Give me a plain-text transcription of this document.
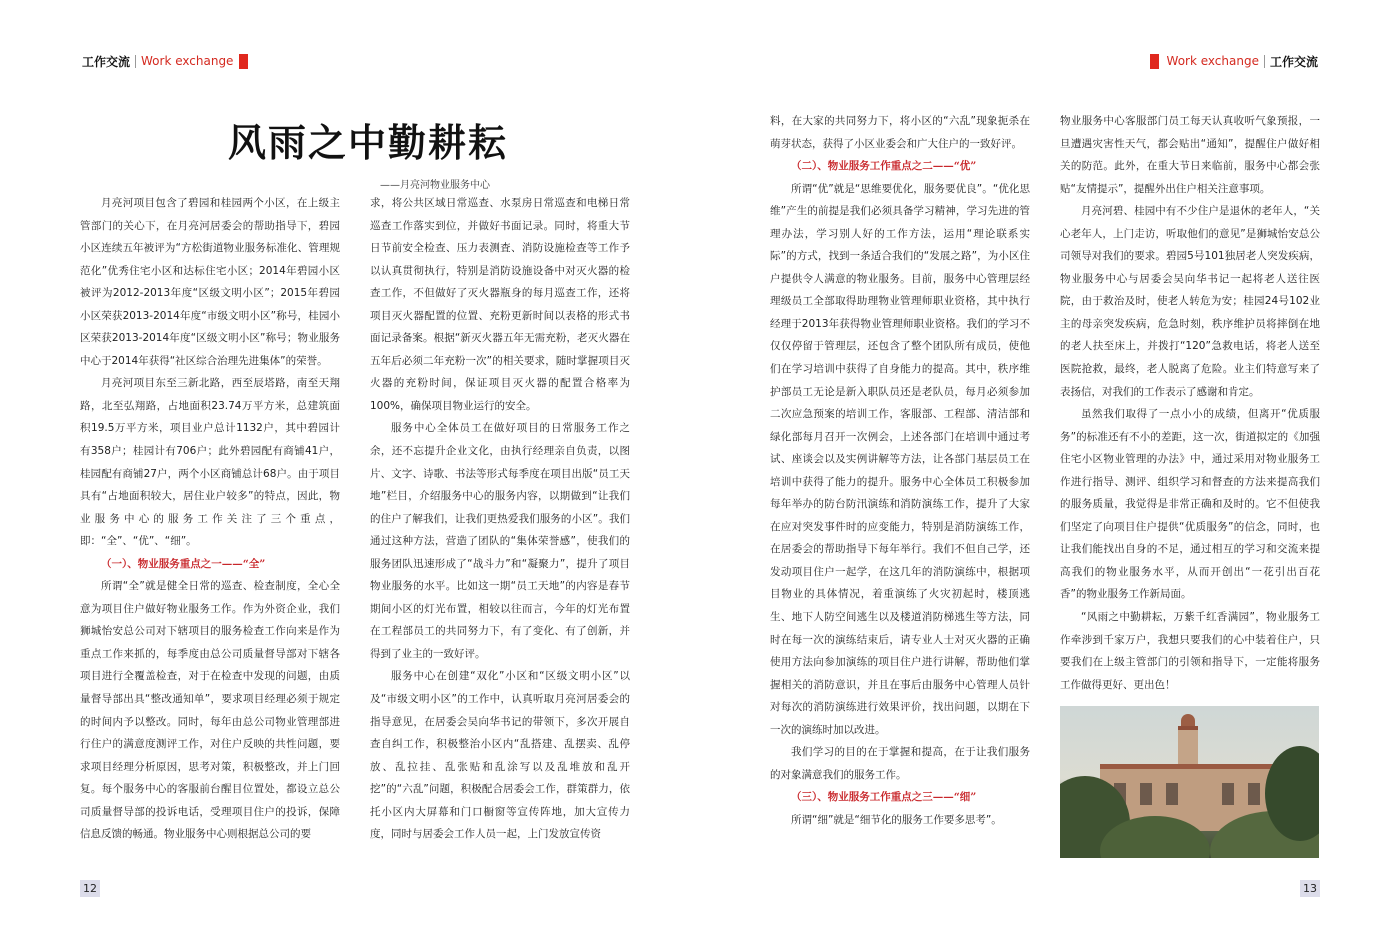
工作交流 Work exchange	Work exchange 工作交流
风雨之中勤耕耘
——月亮河物业服务中心

月亮河项目包含了碧园和桂园两个小区，在上级主管部门的关心下，在月亮河居委会的帮助指导下，碧园小区连续五年被评为“方松街道物业服务标准化、管理规范化”优秀住宅小区和达标住宅小区；2014年碧园小区被评为2012-2013年度“区级文明小区”；2015年碧园小区荣获2013-2014年度“市级文明小区”称号，桂园小区荣获2013-2014年度“区级文明小区”称号；物业服务中心于2014年获得“社区综合治理先进集体”的荣誉。

月亮河项目东至三新北路，西至辰塔路，南至天翔路，北至弘翔路，占地面积23.74万平方米，总建筑面积19.5万平方米，项目业户总计1132户，其中碧园计有358户；桂园计有706户；此外碧园配有商铺41户，桂园配有商铺27户，两个小区商铺总计68户。由于项目具有“占地面积较大，居住业户较多”的特点，因此，物业服务中心的服务工作关注了三个重点，即：“全”、“优”、“细”。

（一）、物业服务重点之一——“全”

所谓“全”就是健全日常的巡查、检查制度，全心全意为项目住户做好物业服务工作。作为外资企业，我们狮城怡安总公司对下辖项目的服务检查工作向来是作为重点工作来抓的，每季度由总公司质量督导部对下辖各项目进行全覆盖检查，对于在检查中发现的问题，由质量督导部出具“整改通知单”，要求项目经理必须于规定的时间内予以整改。同时，每年由总公司物业管理部进行住户的满意度测评工作，对住户反映的共性问题，要求项目经理分析原因，思考对策，积极整改，并上门回复。每个服务中心的客服前台醒目位置处，都设立总公司质量督导部的投诉电话，受理项目住户的投诉，保障信息反馈的畅通。物业服务中心则根据总公司的要

求，将公共区域日常巡查、水泵房日常巡查和电梯日常巡查工作落实到位，并做好书面记录。同时，将重大节日节前安全检查、压力表测査、消防设施检查等工作予以认真贯彻执行，特别是消防设施设备中对灭火器的检查工作，不但做好了灭火器瓶身的每月巡查工作，还将项目灭火器配置的位置、充粉更新时间以表格的形式书面记录备案。根据“新灭火器五年无需充粉，老灭火器在五年后必须二年充粉一次”的相关要求，随时掌握项目灭火器的充粉时间，保证项目灭火器的配置合格率为100%，确保项目物业运行的安全。

服务中心全体员工在做好项目的日常服务工作之余，还不忘提升企业文化，由执行经理亲自负责，以图片、文字、诗歌、书法等形式每季度在项目出版“员工天地”栏目，介绍服务中心的服务内容，以期做到“让我们的住户了解我们，让我们更热爱我们服务的小区”。我们通过这种方法，营造了团队的“集体荣誉感”，使我们的服务团队迅速形成了“战斗力”和“凝聚力”，提升了项目物业服务的水平。比如这一期“员工天地”的内容是春节期间小区的灯光布置，相较以往而言，今年的灯光布置在工程部员工的共同努力下，有了变化、有了创新，并得到了业主的一致好评。

服务中心在创建“双化”小区和“区级文明小区”以及“市级文明小区”的工作中，认真听取月亮河居委会的指导意见，在居委会吴向华书记的带领下，多次开展自查自纠工作，积极整治小区内“乱搭建、乱摆卖、乱停放、乱拉挂、乱张贴和乱涂写以及乱堆放和乱开挖”的“六乱”问题，积极配合居委会工作，群策群力，依托小区内大屏幕和门口橱窗等宣传阵地，加大宣传力度，同时与居委会工作人员一起，上门发放宣传资

料，在大家的共同努力下，将小区的“六乱”现象扼杀在萌芽状态，获得了小区业委会和广大住户的一致好评。

（二）、物业服务工作重点之二——“优”

所谓“优”就是“思维要优化，服务要优良”。“优化思维”产生的前提是我们必须具备学习精神，学习先进的管理办法，学习别人好的工作方法，运用“理论联系实际”的方式，找到一条适合我们的“发展之路”，为小区住户提供令人满意的物业服务。目前，服务中心管理层经理级员工全部取得助理物业管理师职业资格，其中执行经理于2013年获得物业管理师职业资格。我们的学习不仅仅停留于管理层，还包含了整个团队所有成员，使他们在学习培训中获得了自身能力的提高。其中，秩序维护部员工无论是新入职队员还是老队员，每月必须参加二次应急预案的培训工作，客服部、工程部、清洁部和绿化部每月召开一次例会，上述各部门在培训中通过考试、座谈会以及实例讲解等方法，让各部门基层员工在培训中获得了能力的提升。服务中心全体员工积极参加每年举办的防台防汛演练和消防演练工作，提升了大家在应对突发事件时的应变能力，特别是消防演练工作，在居委会的帮助指导下每年举行。我们不但自己学，还发动项目住户一起学，在这几年的消防演练中，根据项目物业的具体情况，着重演练了火灾初起时，楼顶逃生、地下人防空间逃生以及楼道消防梯逃生等方法，同时在每一次的演练结束后，请专业人士对灭火器的正确使用方法向参加演练的项目住户进行讲解，帮助他们掌握相关的消防意识，并且在事后由服务中心管理人员针对每次的消防演练进行效果评价，找出问题，以期在下一次的演练时加以改进。

我们学习的目的在于掌握和提高，在于让我们服务的对象满意我们的服务工作。

（三）、物业服务工作重点之三——“细”

所谓“细”就是“细节化的服务工作要多思考”。

物业服务中心客服部门员工每天认真收听气象预报，一旦遭遇灾害性天气，都会贴出“通知”，提醒住户做好相关的防范。此外，在重大节日来临前，服务中心都会张贴“友情提示”，提醒外出住户相关注意事项。

月亮河碧、桂园中有不少住户是退休的老年人，“关心老年人，上门走访，听取他们的意见”是狮城怡安总公司领导对我们的要求。碧园5号101独居老人突发疾病，物业服务中心与居委会吴向华书记一起将老人送往医院，由于救治及时，使老人转危为安；桂园24号102业主的母亲突发疾病，危急时刻，秩序维护员将摔倒在地的老人扶至床上，并拨打“120”急救电话，将老人送至医院抢救，最终，老人脱离了危险。业主们特意写来了表扬信，对我们的工作表示了感谢和肯定。

虽然我们取得了一点小小的成绩，但离开“优质服务”的标准还有不小的差距，这一次，街道拟定的《加强住宅小区物业管理的办法》中，通过采用对物业服务工作进行指导、测评、组织学习和督查的方法来提高我们的服务质量，我觉得是非常正确和及时的。它不但使我们坚定了向项目住户提供“优质服务”的信念，同时，也让我们能找出自身的不足，通过相互的学习和交流来提高我们的物业服务水平，从而开创出“一花引出百花香”的物业服务工作新局面。

“风雨之中勤耕耘，万紫千红香满园”，物业服务工作牵涉到千家万户，我想只要我们的心中装着住户，只要我们在上级主管部门的引领和指导下，一定能将服务工作做得更好、更出色！

12	13
